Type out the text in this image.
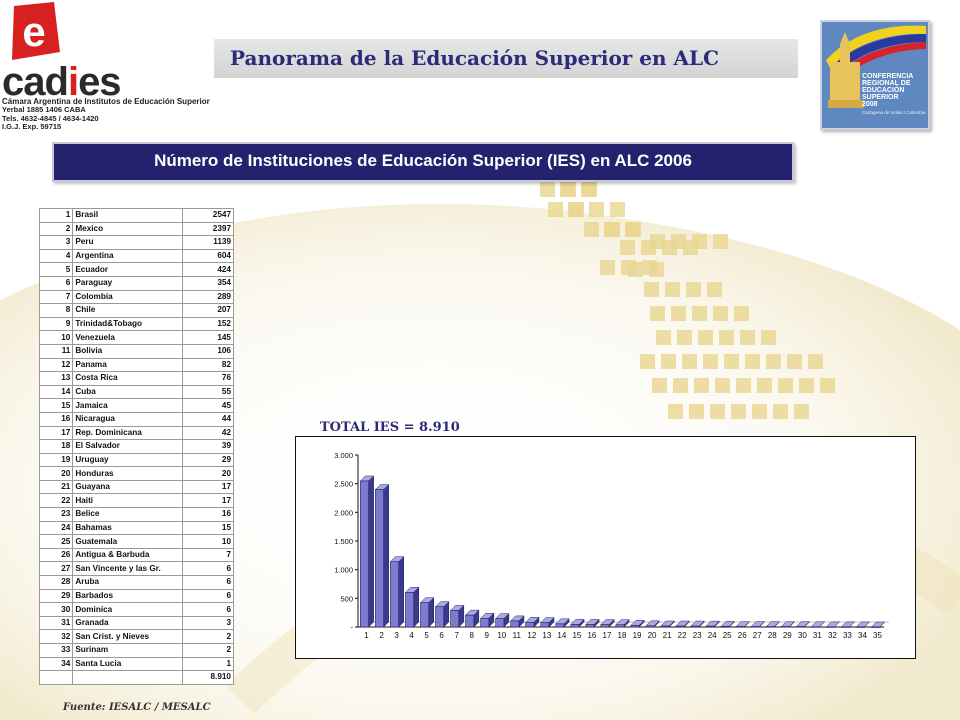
e
cadies
Cámara Argentina de Institutos de Educación Superior
Yerbal 1885 1406 CABA
Tels. 4632-4845 / 4634-1420
I.G.J. Exp. 59715
Panorama de la Educación Superior en ALC
CONFERENCIA
REGIONAL DE
EDUCACIÓN
SUPERIOR
2008
Cartagena de Indias / Colombia
Número de Instituciones de Educación Superior (IES) en ALC 2006
1	Brasil	2547
2	Mexico	2397
3	Peru	1139
4	Argentina	604
5	Ecuador	424
6	Paraguay	354
7	Colombia	289
8	Chile	207
9	Trinidad&Tobago	152
10	Venezuela	145
11	Bolivia	106
12	Panama	82
13	Costa Rica	76
14	Cuba	55
15	Jamaica	45
16	Nicaragua	44
17	Rep. Dominicana	42
18	El Salvador	39
19	Uruguay	29
20	Honduras	20
21	Guayana	17
22	Haiti	17
23	Belice	16
24	Bahamas	15
25	Guatemala	10
26	Antigua & Barbuda	7
27	San Vincente y las Gr.	6
28	Aruba	6
29	Barbados	6
30	Dominica	6
31	Granada	3
32	San Crist. y Nieves	2
33	Surinam	2
34	Santa Lucia	1
		8.910
Fuente: IESALC / MESALC
TOTAL IES = 8.910
-
500
1.000
1.500
2.000
2.500
3.000
1 2 3 4 5 6 7 8 9 10 11 12 13 14 15 16 17 18 19 20 21 22 23 24 25 26 27 28 29 30 31 32 33 34 35
